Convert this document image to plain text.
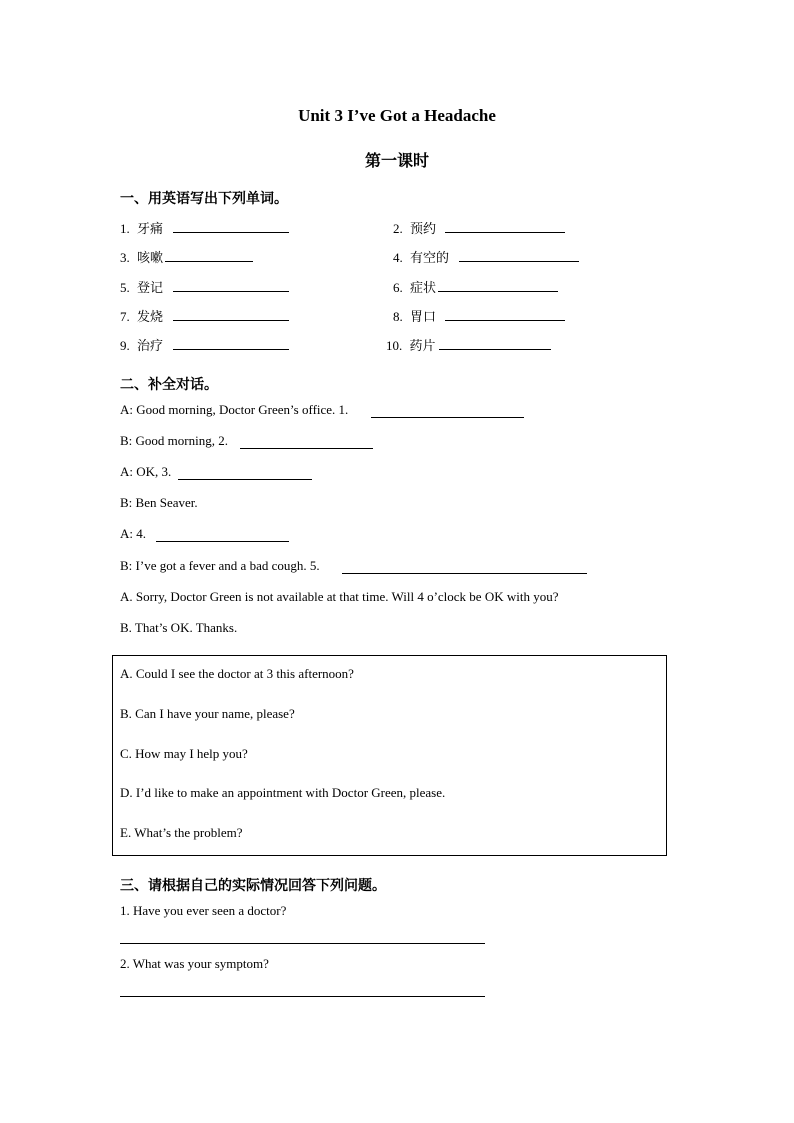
Unit 3 I’ve Got a Headache
第一课时
一、用英语写出下列单词。
1. 牙痛
3. 咳嗽
5. 登记
7. 发烧
9. 治疗
2. 预约
4. 有空的
6. 症状
8. 胃口
10. 药片
二、补全对话。
A: Good morning, Doctor Green’s office. 1.
B: Good morning, 2.
A: OK, 3.
B: Ben Seaver.
A: 4.
B: I’ve got a fever and a bad cough. 5.
A. Sorry, Doctor Green is not available at that time. Will 4 o’clock be OK with you?
B. That’s OK. Thanks.
A. Could I see the doctor at 3 this afternoon?
B. Can I have your name, please?
C. How may I help you?
D. I’d like to make an appointment with Doctor Green, please.
E. What’s the problem?
三、请根据自己的实际情况回答下列问题。
1. Have you ever seen a doctor?
2. What was your symptom?
